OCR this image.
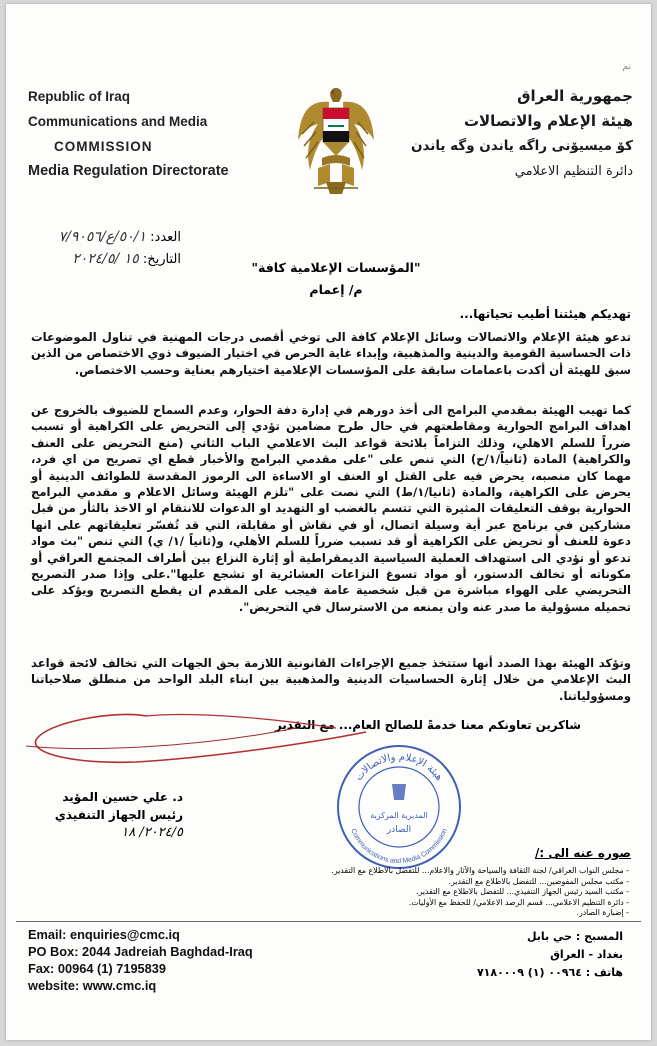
نم
Republic of Iraq
Communications and Media
COMMISSION
Media Regulation Directorate
جمهورية العراق
هيئة الإعلام والاتصالات
كۆ میسیۆنی راگە یاندن وگە یاندن
دائرة التنظيم الاعلامي
العدد: ٥٠/١/ع/٧/٩٠٥٦
التاريخ: ١٥ /٢٠٢٤/٥
"المؤسسات الإعلامية كافة"
م/ إعمام
تهديكم هيئتنا أطيب تحياتها...
تدعو هيئة الإعلام والاتصالات وسائل الإعلام كافة الى توخي أقصى درجات المهنية في تناول الموضوعات ذات الحساسية القومية والدينية والمذهبية، وإبداء غاية الحرص في اختيار الضيوف ذوي الاختصاص من الذين سبق للهيئة أن أكدت باعمامات سابقة على المؤسسات الإعلامية اختيارهم بعناية وحسب الاختصاص.
كما تهيب الهيئة بمقدمي البرامج الى أخذ دورهم في إدارة دفة الحوار، وعدم السماح للضيوف بالخروج عن اهداف البرامج الحوارية ومقاطعتهم في حال طرح مضامين تؤدي إلى التحريض على الكراهية أو تسبب ضرراً للسلم الاهلي، وذلك التزاماً بلائحة قواعد البث الاعلامي الباب الثاني (منع التحريض على العنف والكراهية) المادة (ثانياً/١/ح) التي تنص على "على مقدمي البرامج والأخبار قطع اي تصريح من اي فرد، مهما كان منصبه، يحرض فيه على القتل او العنف او الاساءة الى الرموز المقدسة للطوائف الدينية أو يحرض على الكراهية، والمادة (ثانيا/١/ط) التي نصت على "تلزم الهيئة وسائل الاعلام و مقدمي البرامج الحوارية بوقف التعليقات المثيرة التي تتسم بالغضب او التهديد او الدعوات للانتقام او الاخذ بالثأر من قبل مشاركين في برنامج عبر أية وسيلة اتصال، أو في نقاش أو مقابلة، التي قد تُفسّر تعليقاتهم على انها دعوة للعنف أو تحريض على الكراهية أو قد تسبب ضرراً للسلم الأهلي، و(ثانياً /١/ ي) التي تنص "بث مواد تدعو أو تؤدي الى استهداف العملية السياسية الديمقراطية أو إثارة النزاع بين أطراف المجتمع العراقي أو مكوناته أو تخالف الدستور، أو مواد تسوغ النزاعات العشائرية او تشجع عليها".على وإذا صدر التصريح التحريضي على الهواء مباشرة من قبل شخصية عامة فيجب على المقدم ان يقطع التصريح ويؤكد على تحميله مسؤولية ما صدر عنه وان يمنعه من الاسترسال في التحريض".
وتؤكد الهيئة بهذا الصدد أنها ستتخذ جميع الإجراءات القانونية اللازمة بحق الجهات التي تخالف لائحة قواعد البث الإعلامي من خلال إثارة الحساسيات الدينية والمذهبية بين ابناء البلد الواحد من منطلق صلاحياتنا ومسؤولياتنا.
شاكرين تعاونكم معنا خدمةً للصالح العام... مع التقدير
د. علي حسين المؤيد
رئيس الجهاز التنفيذي
٢٠٢٤/٥/ ١٨
هيئة الإعلام والاتصالات
Communications and Media Commission
المديرية المركزية
الصادر
صوره عنه الى :/
- مجلس النواب العراقي/ لجنة الثقافة والسياحة والآثار والاعلام... للتفضل بالاطلاع مع التقدير.
- مكتب مجلس المفوضين... للتفضل بالاطلاع مع التقدير.
- مكتب السيد رئيس الجهاز التنفيذي... للتفضل بالاطلاع مع التقدير.
- دائرة التنظيم الاعلامي... قسم الرصد الاعلامي/ للحفظ مع الأوليات.
- إضبارة الصادر.
Email: enquiries@cmc.iq
PO Box: 2044 Jadreiah Baghdad-Iraq
Fax: 00964 (1) 7195839
website: www.cmc.iq
المسبح : حي بابل
بغداد - العراق
هاتف : ٠٠٩٦٤ (١) ٧١٨٠٠٠٩
